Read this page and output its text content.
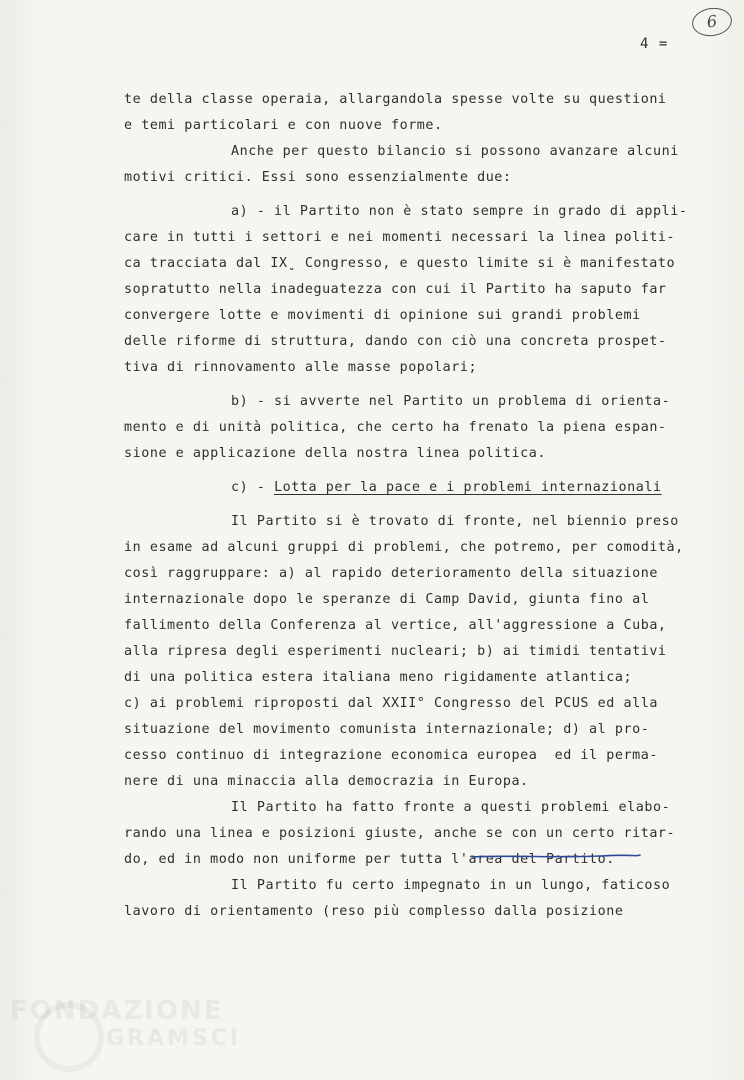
4 =
6
te della classe operaia, allargandola spesse volte su questioni
e temi particolari e con nuove forme.
Anche per questo bilancio si possono avanzare alcuni
motivi critici. Essi sono essenzialmente due:
a) - il Partito non è stato sempre in grado di appli-
care in tutti i settori e nei momenti necessari la linea politi-
ca tracciata dal IXˬ Congresso, e questo limite si è manifestato
sopratutto nella inadeguatezza con cui il Partito ha saputo far
convergere lotte e movimenti di opinione sui grandi problemi
delle riforme di struttura, dando con ciò una concreta prospet-
tiva di rinnovamento alle masse popolari;
b) - si avverte nel Partito un problema di orienta-
mento e di unità politica, che certo ha frenato la piena espan-
sione e applicazione della nostra linea politica.
c) - Lotta per la pace e i problemi internazionali
Il Partito si è trovato di fronte, nel biennio preso
in esame ad alcuni gruppi di problemi, che potremo, per comodità,
così raggruppare: a) al rapido deterioramento della situazione
internazionale dopo le speranze di Camp David, giunta fino al
fallimento della Conferenza al vertice, all'aggressione a Cuba,
alla ripresa degli esperimenti nucleari; b) ai timidi tentativi
di una politica estera italiana meno rigidamente atlantica;
c) ai problemi riproposti dal XXII° Congresso del PCUS ed alla
situazione del movimento comunista internazionale; d) al pro-
cesso continuo di integrazione economica europea  ed il perma-
nere di una minaccia alla democrazia in Europa.
Il Partito ha fatto fronte a questi problemi elabo-
rando una linea e posizioni giuste, anche se con un certo ritar-
do, ed in modo non uniforme per tutta l'area del Partito.
Il Partito fu certo impegnato in un lungo, faticoso
lavoro di orientamento (reso più complesso dalla posizione
FONDAZIONE
GRAMSCI
